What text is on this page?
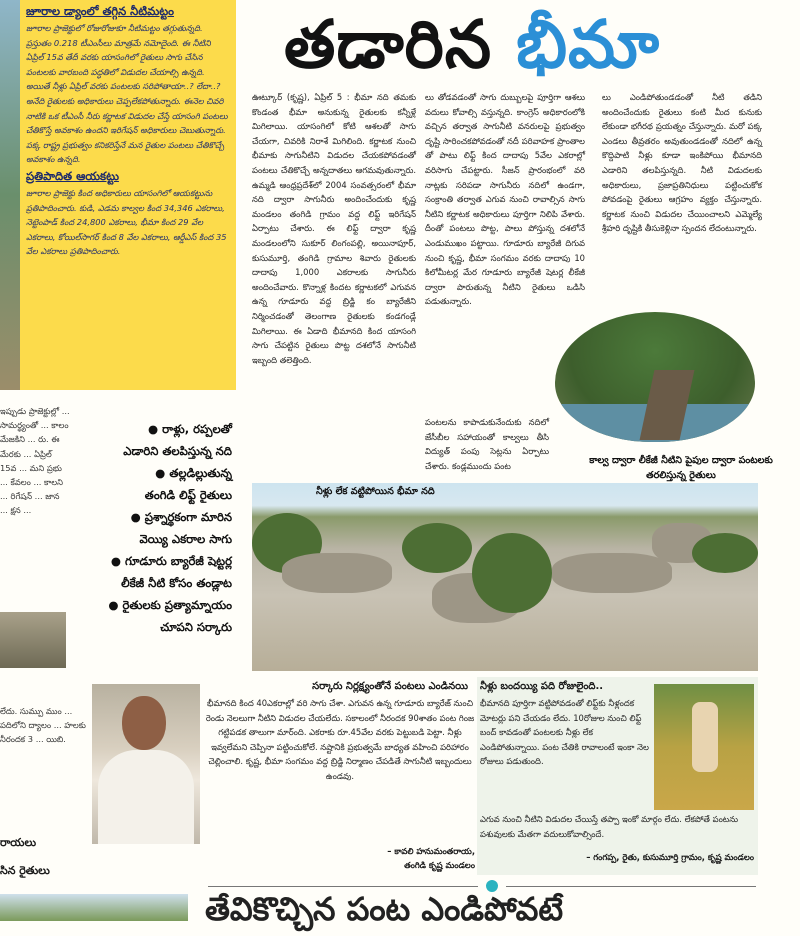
జూరాల డ్యాంలో తగ్గిన నీటిమట్టం
జూరాల ప్రాజెక్టులో రోజురోజుకూ నీటిమట్టం తగ్గుతున్నది. ప్రస్తుతం 0.218 టీఎంసీలు మాత్రమే నమోదైంది. ఈ నీటిని ఏప్రిల్ 15వ తేదీ వరకు యాసంగిలో రైతులు సాగు చేసిన పంటలకు వారబంది పద్ధతిలో విడుదల చేయాల్సి ఉన్నది. అయితే నీళ్లు ఏప్రిల్ వరకు పంటలకు సరిపోతాయా..? లేదా..? అనేది రైతులకు అధికారులు చెప్పలేకపోతున్నారు. ఈనెల చివరి నాటికి ఒక టీఎంసీ నీరు కర్ణాటక విడుదల చేస్తే యాసంగి పంటలు చేతికొస్తే అవకాశం ఉందని ఇరిగేషన్ అధికారులు చెబుతున్నారు. పక్క రాష్ట్ర ప్రభుత్వం కనికరిస్తేనే మన రైతుల పంటలు చేతికొచ్చే అవకాశం ఉన్నది.
ప్రతిపాదిత ఆయకట్టు
జూరాల ప్రాజెక్టు కింద అధికారులు యాసంగిలో ఆయకట్టును ప్రతిపాదించారు. కుడి, ఎడమ కాల్వల కింద 34,346 ఎకరాలు, నెట్టెంపాడ్ కింద 24,800 ఎకరాలు, భీమా కింద 29 వేల ఎకరాలు, కోయిల్‌సాగర్ కింద 8 వేల ఎకరాలు, ఆర్డీఎస్ కింద 35 వేల ఎకరాలు ప్రతిపాదించారు.
ఇప్పుడు ప్రాజెక్టుల్లో ... సామర్థ్యంతో ... కాలం మేజకిని ... రు. ఈ మేరకు ... ఏప్రిల్ 15వ ... మని ప్రభు ... కేవలం ... కాలని ... రిగేషన్ ... జాన ... క్షన ...
● రాళ్లు, రప్పలతో
ఎడారిని తలపిస్తున్న నది
● తల్లడిల్లుతున్న
తంగిడి లిఫ్ట్ రైతులు
● ప్రశ్నార్థకంగా మారిన
వెయ్యి ఎకరాల సాగు
● గూడూరు బ్యారేజీ షెట్టర్ల
లీకేజీ నీటి కోసం తండ్లాట
● రైతులకు ప్రత్యామ్నాయం
చూపని సర్కారు
తడారిన భీమా
ఊట్కూర్ (కృష్ణ), ఏప్రిల్ 5 : భీమా నది తమకు కొండంత భీమా అనుకున్న రైతులకు కన్నీళ్లే మిగిలాయి. యాసంగిలో కోటి ఆశలతో సాగు చేయగా, చివరికి నిరాశే మిగిలింది. కర్ణాటక నుంచి భీమాకు సాగునీటిని విడుదల చేయకపోవడంతో పంటలు చేతికొచ్చే అన్నదాతలు ఆగమవుతున్నారు. ఉమ్మడి ఆంధ్రప్రదేశ్‌లో 2004 సంవత్సరంలో భీమా నది ద్వారా సాగునీరు అందించేందుకు కృష్ణ మండలం తంగిడి గ్రామం వద్ద లిఫ్ట్ ఇరిగేషన్ ఏర్పాటు చేశారు. ఈ లిఫ్ట్ ద్వారా కృష్ణ మండలంలోని సుకూర్ లింగంపల్లి, అయినాపూర్, కుసుమూర్తి, తంగిడి గ్రామాల శివారు రైతులకు దాదాపు 1,000 ఎకరాలకు సాగునీరు అందించేవారు. కొన్నాళ్ల కిందట కర్ణాటకలో ఎగువన ఉన్న గూడూరు వద్ద బ్రిడ్జి కం బ్యారేజీని నిర్మించడంతో తెలంగాణ రైతులకు కండగండ్లే మిగిలాయి. ఈ ఏడాది భీమానది కింద యాసంగి సాగు చేపట్టిన రైతులు పొట్ట దశలోనే సాగునీటి ఇబ్బంది తలెత్తింది.
లు తోడవడంతో సాగు దుబ్బులపై పూర్తిగా ఆశలు వదులు కోవాల్సి వస్తున్నది. కాంగ్రెస్ అధికారంలోకి వచ్చిన తర్వాత సాగునీటి వనరులపై ప్రభుత్వం దృష్టి సారించకపోవడంతో నదీ పరివాహక ప్రాంతాల తో పాటు లిఫ్ట్ కింద దాదాపు 5వేల ఎకరాల్లో వరిసాగు చేపట్టారు. సీజన్ ప్రారంభంలో వరి నాట్లకు సరిపడా సాగునీరు నదిలో ఉండగా, సంక్రాంతి తర్వాత ఎగువ నుంచి రావాల్సిన సాగు నీటిని కర్ణాటక అధికారులు పూర్తిగా నిలిపి వేశారు. దీంతో పంటలు పొట్ట, పాలు పోస్తున్న దశలోనే ఎండుముఖం పట్టాయి. గూడూరు బ్యారేజీ దిగువ నుంచి కృష్ణ, భీమా సంగమం వరకు దాదాపు 10 కిలోమీటర్ల మేర గూడూరు బ్యారేజీ షెటర్ల లీకేజీ ద్వారా పారుతున్న నీటిని రైతులు ఒడిసి పడుతున్నారు.
పంటలను కాపాడుకునేందుకు నదిలో జేసీబీల సహాయంతో కాల్వలు తీసి విద్యుత్ పంపు సెట్లను ఏర్పాటు చేశారు. కండ్లముందు పంట
లు ఎండిపోతుండడంతో నీటి తడిని అందించేందుకు రైతులు కంటి మీద కునుకు లేకుండా భగీరథ ప్రయత్నం చేస్తున్నారు. మరో పక్క ఎండలు తీవ్రతరం అవుతుండడంతో నదిలో ఉన్న కొద్దిపాటి నీళ్లు కూడా ఇంకిపోయి భీమానది ఎడారిని తలపిస్తున్నది. నీటి విడుదలకు అధికారులు, ప్రజాప్రతినిధులు పట్టించుకోక పోవడంపై రైతులు ఆగ్రహం వ్యక్తం చేస్తున్నారు. కర్ణాటక నుంచి విడుదల చేయించాలని ఎమ్మెల్యే శ్రీహరి దృష్టికి తీసుకెళ్లినా స్పందన లేదంటున్నారు.
కాల్వ ద్వారా లీకేజీ నీటిని పైపుల ద్వారా పంటలకు తరలిస్తున్న రైతులు
నీళ్లు లేక వట్టిపోయిన భీమా నది
సర్కారు నిర్లక్ష్యంతోనే పంటలు ఎండినయి
భీమానది కింద 40ఎకరాల్లో వరి సాగు చేశా. ఎగువన ఉన్న గూడూరు బ్యారేజ్ నుంచి రెండు నెలలుగా నీటిని విడుదల చేయలేదు. సకాలంలో నీరందక 90శాతం పంట గింజ గట్టిపడక తాలుగా మార్‌ంది. ఎకరాకు రూ.45వేల వరకు పెట్టుబడి పెట్టా. నీళ్లు ఇవ్వలేమని చెప్పినా పట్టించుకోలే. నష్టానికి ప్రభుత్వమే బాధ్యత వహించి పరిహారం చెల్లించాలి. కృష్ణ, భీమా సంగమం వద్ద బ్రిడ్జి నిర్మాణం చేపడితే సాగునీటి ఇబ్బందులు ఉండవు.
– కావలి హనుమంతరాయ,
తంగిడి కృష్ణ మండలం
నీళ్లు బందయ్యి పది రోజులైంది..
భీమానది పూర్తిగా వట్టిపోవడంతో లిఫ్ట్‌కు నీళ్లందక మోటర్లు పని చేయడం లేదు. 10రోజుల నుంచి లిఫ్ట్ బంద్ కావడంతో పంటలకు నీళ్లు లేక ఎండిపోతున్నాయి. పంట చేతికి రావాలంటే ఇంకా నెల రోజులు పడుతుంది.
ఎగువ నుంచి నీటిని విడుదల చేయిస్తే తప్పా ఇంకో మార్గం లేదు. లేకపోతే పంటను పశువులకు మేతగా వదులుకోవాల్సిందే.
– గంగప్ప, రైతు, కుసుమూర్తి గ్రామం, కృష్ణ మండలం
లేదు. సుమ్పు ముం ... పదిలోని ద్యాలం ... హలకు నీరందక 3 ... యిబి.
రాయలు
సిన రైతులు
తేవికొచ్చిన పంట ఎండిపోవటే
